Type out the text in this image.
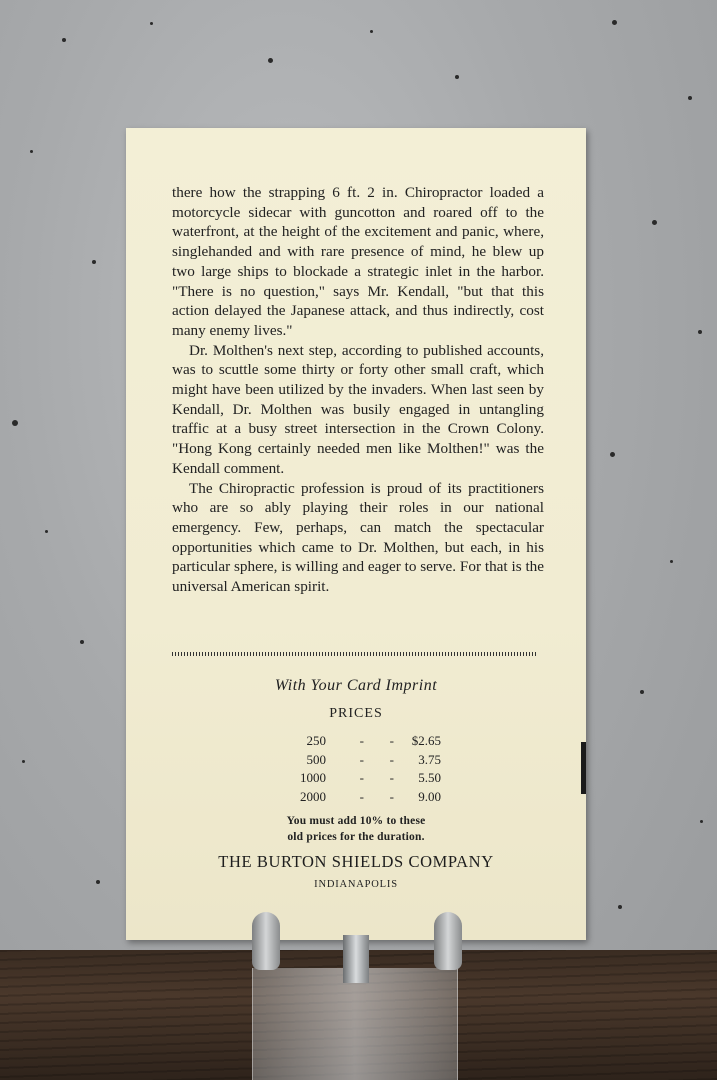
there how the strapping 6 ft. 2 in. Chiropractor loaded a motorcycle sidecar with guncotton and roared off to the waterfront, at the height of the excitement and panic, where, singlehanded and with rare presence of mind, he blew up two large ships to blockade a strategic inlet in the harbor. "There is no question," says Mr. Kendall, "but that this action delayed the Japanese attack, and thus indirectly, cost many enemy lives."

Dr. Molthen's next step, according to published accounts, was to scuttle some thirty or forty other small craft, which might have been utilized by the invaders. When last seen by Kendall, Dr. Molthen was busily engaged in untangling traffic at a busy street intersection in the Crown Colony. "Hong Kong certainly needed men like Molthen!" was the Kendall comment.

The Chiropractic profession is proud of its practitioners who are so ably playing their roles in our national emergency. Few, perhaps, can match the spectacular opportunities which came to Dr. Molthen, but each, in his particular sphere, is willing and eager to serve. For that is the universal American spirit.

With Your Card Imprint
PRICES
250	-	-	$2.65
500	-	-	3.75
1000	-	-	5.50
2000	-	-	9.00
You must add 10% to these
old prices for the duration.
THE BURTON SHIELDS COMPANY
INDIANAPOLIS
